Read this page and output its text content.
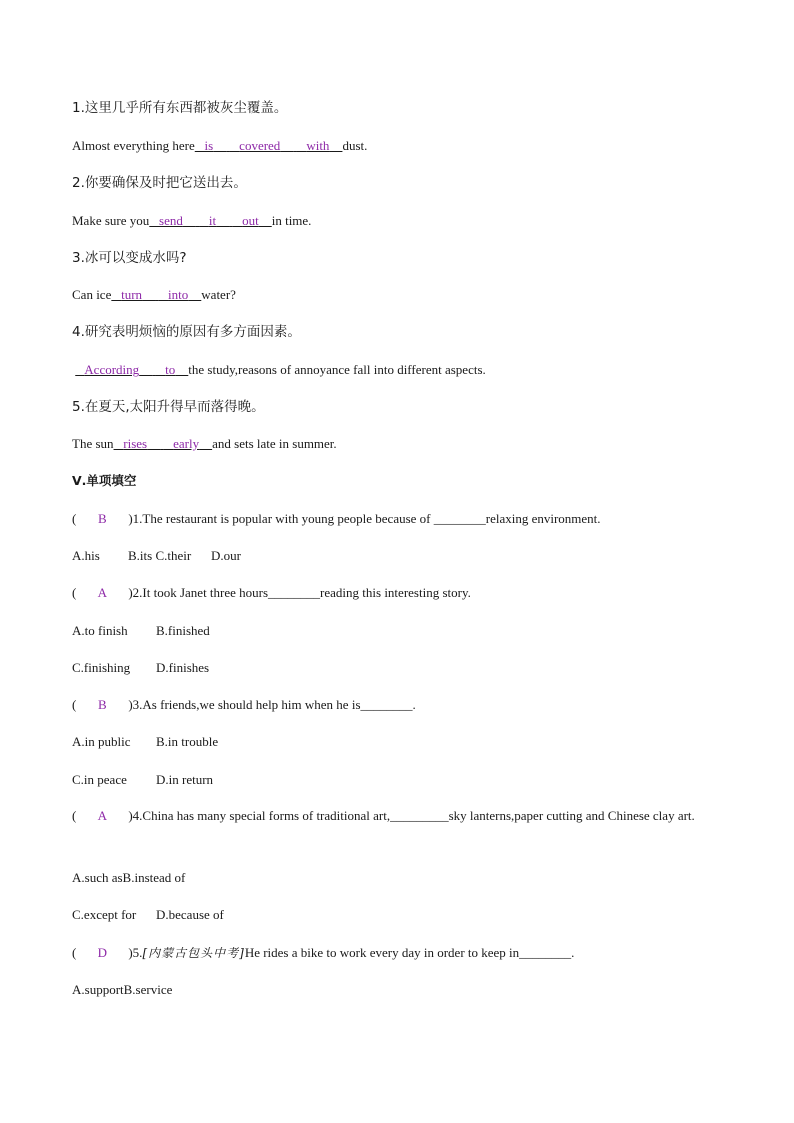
1.这里几乎所有东西都被灰尘覆盖。
Almost everything here is covered with dust.
2.你要确保及时把它送出去。
Make sure you send it out in time.
3.冰可以变成水吗?
Can ice turn into water?
4.研究表明烦恼的原因有多方面因素。
According to the study,reasons of annoyance fall into different aspects.
5.在夏天,太阳升得早而落得晚。
The sun rises early and sets late in summer.
Ⅴ.单项填空
( B )1.The restaurant is popular with young people because of ________relaxing environment.
A.his B.its C.their D.our
( A )2.It took Janet three hours________reading this interesting story.
A.to finish B.finished
C.finishing D.finishes
( B )3.As friends,we should help him when he is________.
A.in public B.in trouble
C.in peace D.in return
( A )4.China has many special forms of traditional art,_________sky lanterns,paper cutting and Chinese clay art.
A.such asB.instead of
C.except for D.because of
( D )5.[内蒙古包头中考]He rides a bike to work every day in order to keep in________.
A.supportB.service
